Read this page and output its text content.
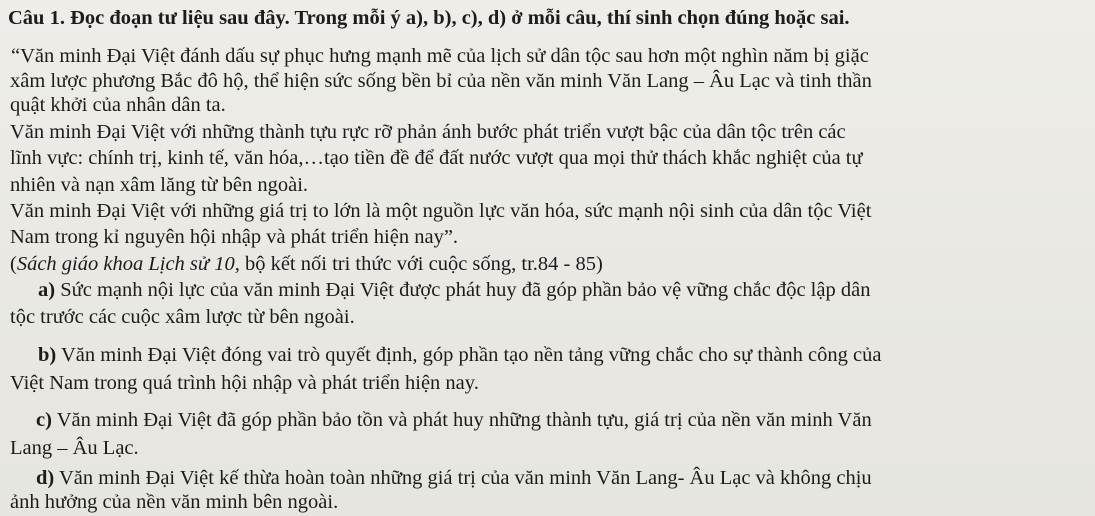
Câu 1. Đọc đoạn tư liệu sau đây. Trong mỗi ý a), b), c), d) ở mỗi câu, thí sinh chọn đúng hoặc sai.
“Văn minh Đại Việt đánh dấu sự phục hưng mạnh mẽ của lịch sử dân tộc sau hơn một nghìn năm bị giặc
xâm lược phương Bắc đô hộ, thể hiện sức sống bền bỉ của nền văn minh Văn Lang – Âu Lạc và tinh thần
quật khởi của nhân dân ta.
Văn minh Đại Việt với những thành tựu rực rỡ phản ánh bước phát triển vượt bậc của dân tộc trên các
lĩnh vực: chính trị, kinh tế, văn hóa,…tạo tiền đề để đất nước vượt qua mọi thử thách khắc nghiệt của tự
nhiên và nạn xâm lăng từ bên ngoài.
Văn minh Đại Việt với những giá trị to lớn là một nguồn lực văn hóa, sức mạnh nội sinh của dân tộc Việt
Nam trong kỉ nguyên hội nhập và phát triển hiện nay”.
(Sách giáo khoa Lịch sử 10, bộ kết nối tri thức với cuộc sống, tr.84 - 85)
a) Sức mạnh nội lực của văn minh Đại Việt được phát huy đã góp phần bảo vệ vững chắc độc lập dân
tộc trước các cuộc xâm lược từ bên ngoài.
b) Văn minh Đại Việt đóng vai trò quyết định, góp phần tạo nền tảng vững chắc cho sự thành công của
Việt Nam trong quá trình hội nhập và phát triển hiện nay.
c) Văn minh Đại Việt đã góp phần bảo tồn và phát huy những thành tựu, giá trị của nền văn minh Văn
Lang – Âu Lạc.
d) Văn minh Đại Việt kế thừa hoàn toàn những giá trị của văn minh Văn Lang- Âu Lạc và không chịu
ảnh hưởng của nền văn minh bên ngoài.
